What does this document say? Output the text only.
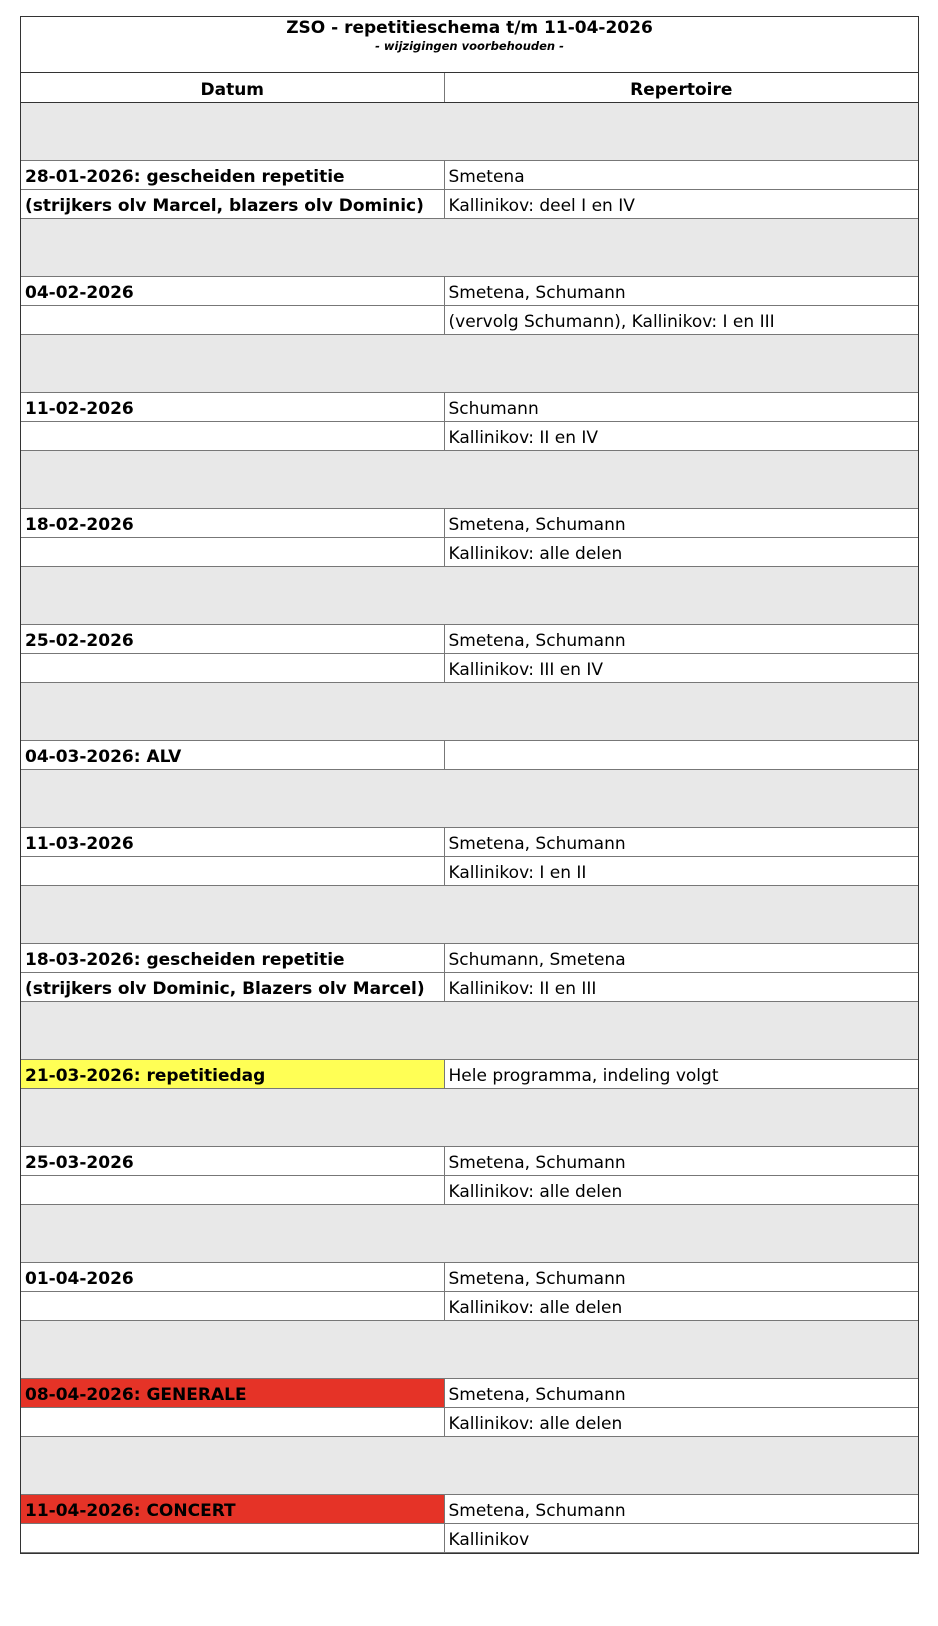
ZSO - repetitieschema t/m 11-04-2026
- wijzigingen voorbehouden -
Datum	Repertoire

28-01-2026: gescheiden repetitie	Smetena
(strijkers olv Marcel, blazers olv Dominic)	Kallinikov: deel I en IV

04-02-2026	Smetena, Schumann
	(vervolg Schumann), Kallinikov: I en III

11-02-2026	Schumann
	Kallinikov: II en IV

18-02-2026	Smetena, Schumann
	Kallinikov: alle delen

25-02-2026	Smetena, Schumann
	Kallinikov: III en IV

04-03-2026: ALV	

11-03-2026	Smetena, Schumann
	Kallinikov: I en II

18-03-2026: gescheiden repetitie	Schumann, Smetena
(strijkers olv Dominic, Blazers olv Marcel)	Kallinikov: II en III

21-03-2026: repetitiedag	Hele programma, indeling volgt

25-03-2026	Smetena, Schumann
	Kallinikov: alle delen

01-04-2026	Smetena, Schumann
	Kallinikov: alle delen

08-04-2026: GENERALE	Smetena, Schumann
	Kallinikov: alle delen

11-04-2026: CONCERT	Smetena, Schumann
	Kallinikov
